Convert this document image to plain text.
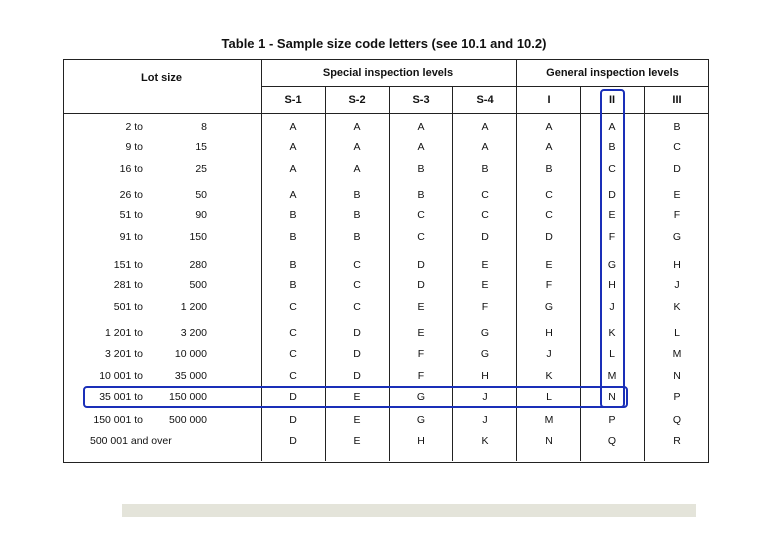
Table 1 - Sample size code letters (see 10.1 and 10.2)
Lot size	Special inspection levels	General inspection levels
S-1	S-2	S-3	S-4	I	II	III
2 to	8	A	A	A	A	A	A	B
9 to	15	A	A	A	A	A	B	C
16 to	25	A	A	B	B	B	C	D
26 to	50	A	B	B	C	C	D	E
51 to	90	B	B	C	C	C	E	F
91 to	150	B	B	C	D	D	F	G
151 to	280	B	C	D	E	E	G	H
281 to	500	B	C	D	E	F	H	J
501 to	1 200	C	C	E	F	G	J	K
1 201 to	3 200	C	D	E	G	H	K	L
3 201 to	10 000	C	D	F	G	J	L	M
10 001 to	35 000	C	D	F	H	K	M	N
35 001 to	150 000	D	E	G	J	L	N	P
150 001 to	500 000	D	E	G	J	M	P	Q
500 001 and over	D	E	H	K	N	Q	R
